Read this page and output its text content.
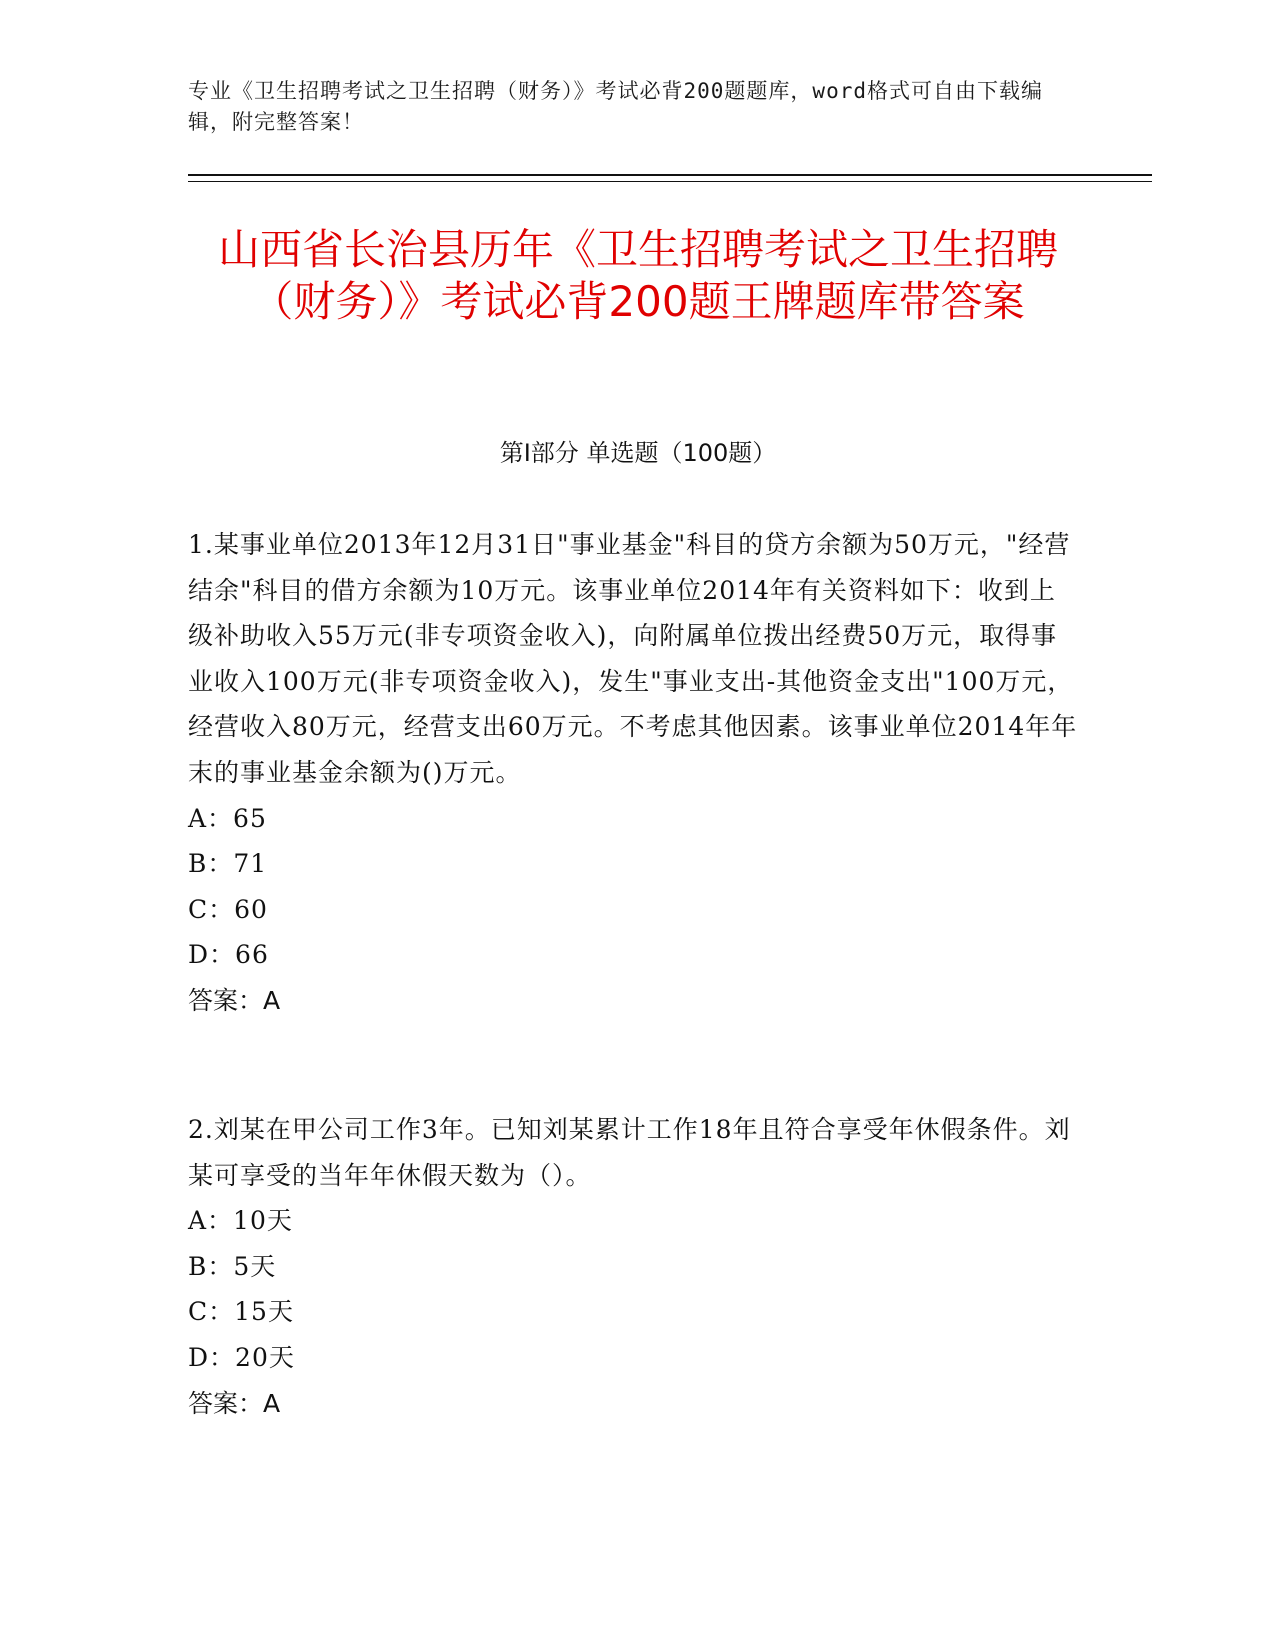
专业《卫生招聘考试之卫生招聘（财务）》考试必背200题题库，word格式可自由下载编辑，附完整答案！
山西省长治县历年《卫生招聘考试之卫生招聘（财务）》考试必背200题王牌题库带答案
第Ⅰ部分 单选题（100题）

1.某事业单位2013年12月31日"事业基金"科目的贷方余额为50万元，"经营结余"科目的借方余额为10万元。该事业单位2014年有关资料如下：收到上级补助收入55万元(非专项资金收入)，向附属单位拨出经费50万元，取得事业收入100万元(非专项资金收入)，发生"事业支出-其他资金支出"100万元，经营收入80万元，经营支出60万元。不考虑其他因素。该事业单位2014年年末的事业基金余额为()万元。

A：65

B：71

C：60

D：66

答案：A

2.刘某在甲公司工作3年。已知刘某累计工作18年且符合享受年休假条件。刘某可享受的当年年休假天数为（）。

A：10天

B：5天

C：15天

D：20天

答案：A
